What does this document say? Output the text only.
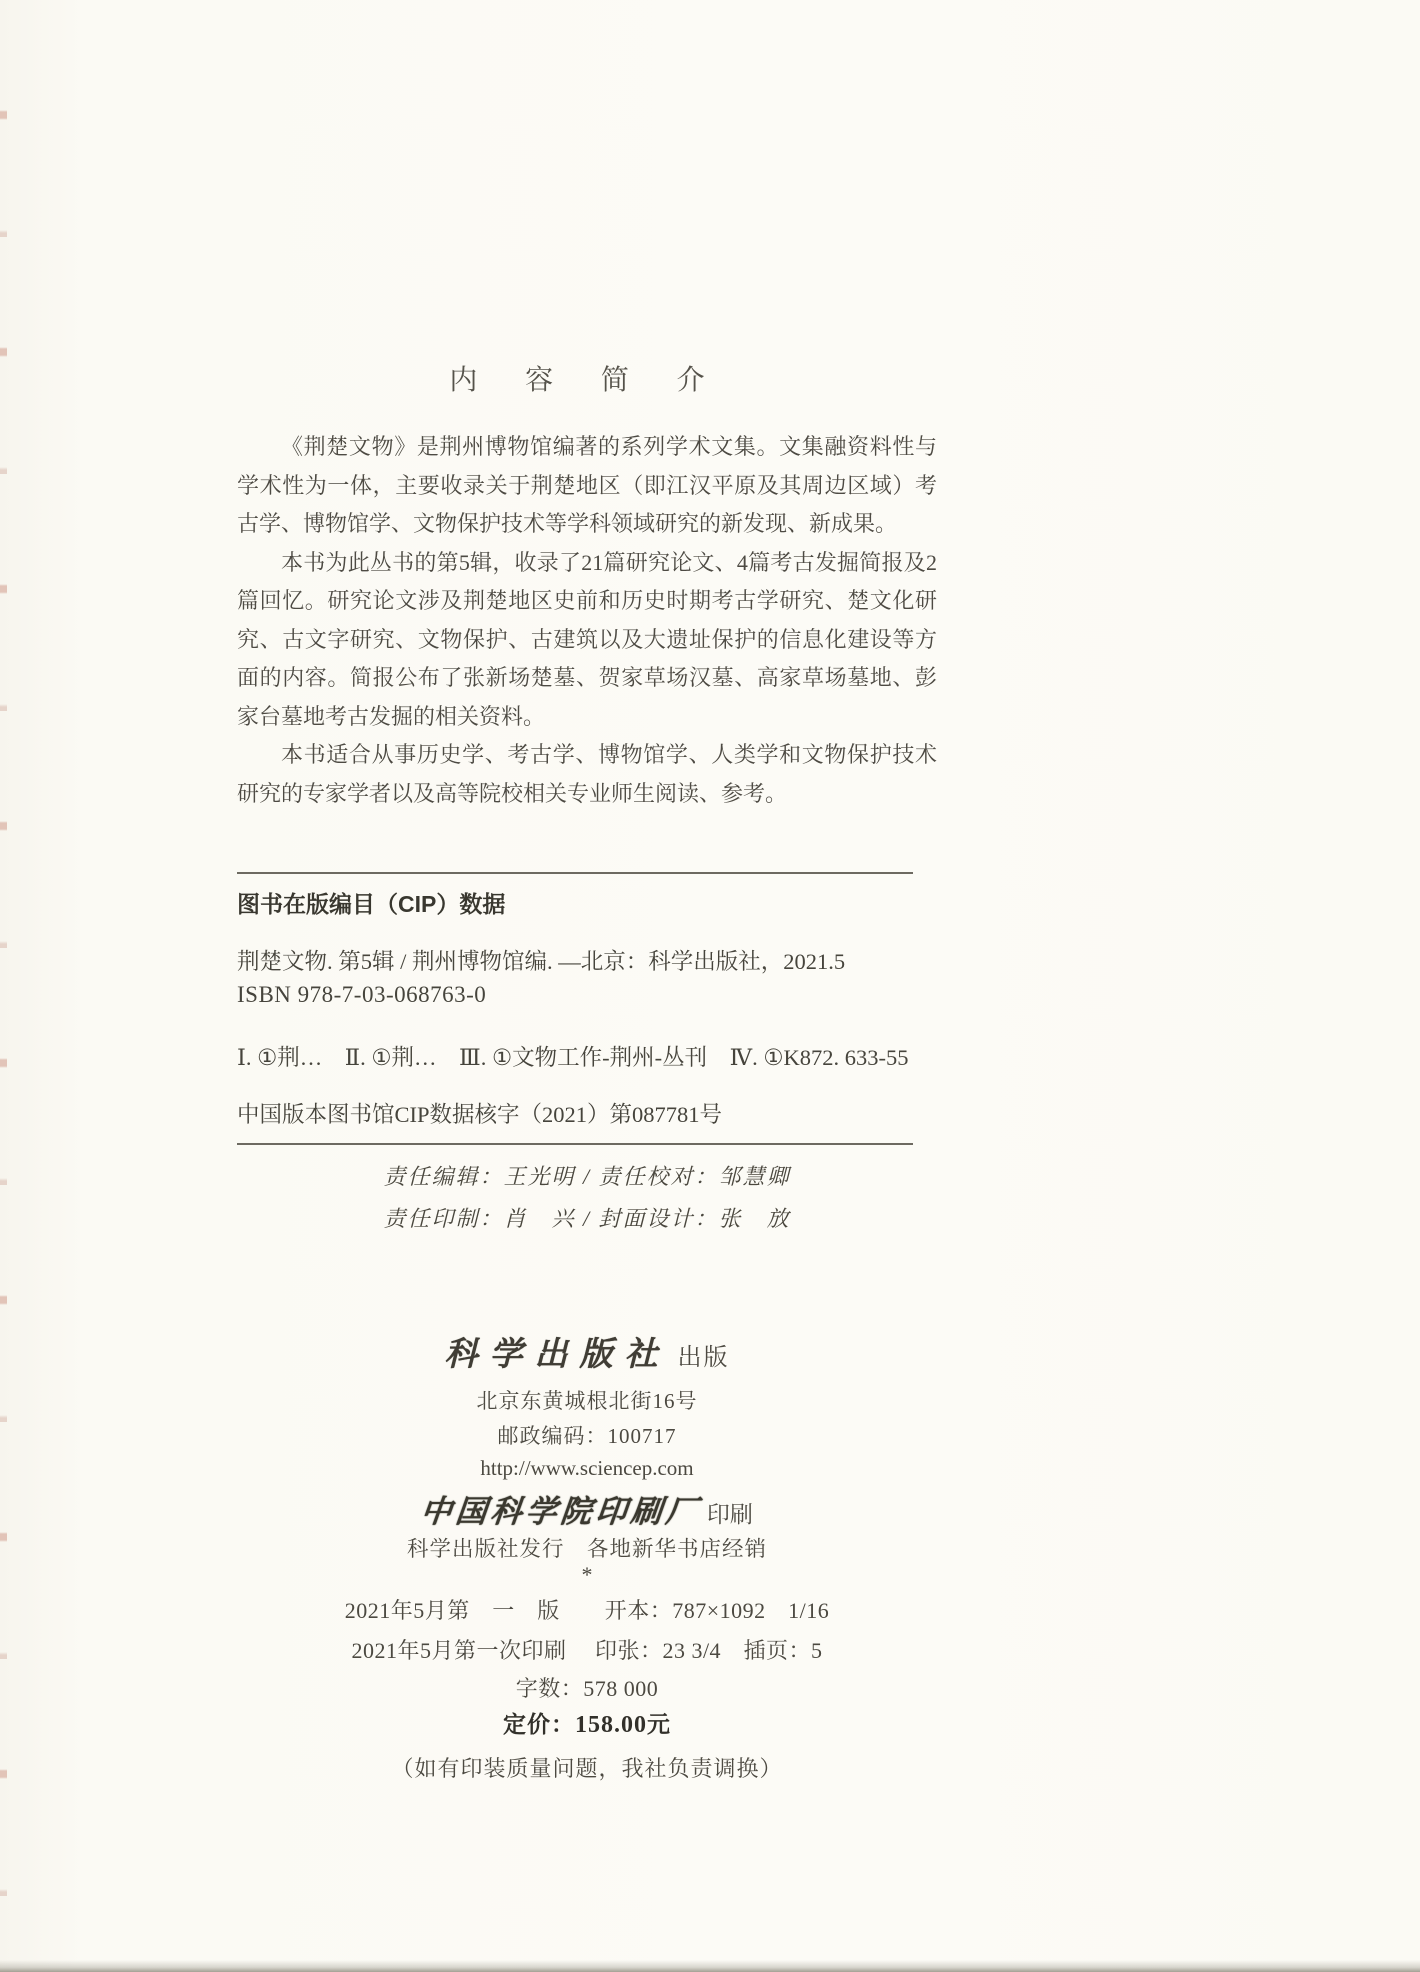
内 容 简 介

《荆楚文物》是荆州博物馆编著的系列学术文集。文集融资料性与学术性为一体，主要收录关于荆楚地区（即江汉平原及其周边区域）考古学、博物馆学、文物保护技术等学科领域研究的新发现、新成果。

本书为此丛书的第5辑，收录了21篇研究论文、4篇考古发掘简报及2篇回忆。研究论文涉及荆楚地区史前和历史时期考古学研究、楚文化研究、古文字研究、文物保护、古建筑以及大遗址保护的信息化建设等方面的内容。简报公布了张新场楚墓、贺家草场汉墓、高家草场墓地、彭家台墓地考古发掘的相关资料。

本书适合从事历史学、考古学、博物馆学、人类学和文物保护技术研究的专家学者以及高等院校相关专业师生阅读、参考。

图书在版编目（CIP）数据
荆楚文物. 第5辑 / 荆州博物馆编. —北京：科学出版社，2021.5
ISBN 978-7-03-068763-0
Ⅰ. ①荆…　Ⅱ. ①荆…　Ⅲ. ①文物工作-荆州-丛刊　Ⅳ. ①K872. 633-55
中国版本图书馆CIP数据核字（2021）第087781号
责任编辑：王光明 / 责任校对：邹慧卿
责任印制：肖　兴 / 封面设计：张　放
科学出版社 出版
北京东黄城根北街16号
邮政编码：100717
http://www.sciencep.com
中国科学院印刷厂 印刷
科学出版社发行　各地新华书店经销
*
2021年5月第　一　版　　开本：787×1092　1/16
2021年5月第一次印刷　 印张：23 3/4　插页：5
字数：578 000
定价：158.00元
（如有印装质量问题，我社负责调换）
